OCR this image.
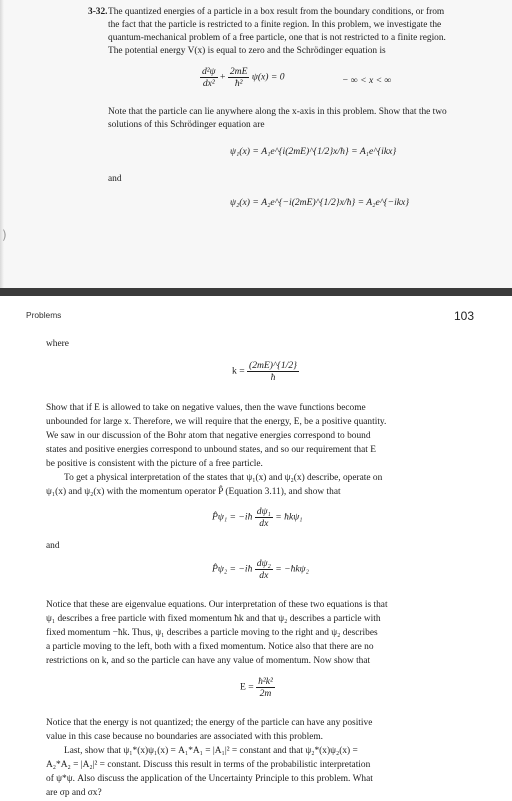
)
3-32. The quantized energies of a particle in a box result from the boundary conditions, or from
the fact that the particle is restricted to a finite region. In this problem, we investigate the
quantum-mechanical problem of a free particle, one that is not restricted to a finite region.
The potential energy V(x) is equal to zero and the Schrödinger equation is
$\frac{\text{d²ψ}}{\text{dx²}} + \frac{2mE}{\text{ħ²}} \psi(x) = 0$	− ∞ < x < ∞
Note that the particle can lie anywhere along the x-axis in this problem. Show that the two
solutions of this Schrödinger equation are
ψ₁(x) = A₁e^{i(2mE)^{1/2}x/ħ} = A₁e^{ikx}
and
ψ₂(x) = A₂e^{−i(2mE)^{1/2}x/ħ} = A₂e^{−ikx}
Problems	103
where
$k = \frac{(2mE)\^{}\{1/2\}}{ħ}$
Show that if E is allowed to take on negative values, then the wave functions become
unbounded for large x. Therefore, we will require that the energy, E, be a positive quantity.
We saw in our discussion of the Bohr atom that negative energies correspond to bound
states and positive energies correspond to unbound states, and so our requirement that E
be positive is consistent with the picture of a free particle.
To get a physical interpretation of the states that ψ₁(x) and ψ₂(x) describe, operate on
ψ₁(x) and ψ₂(x) with the momentum operator P̂ (Equation 3.11), and show that
P̂ψ₁ = −iħ $\frac{\text{dψ₁}}{dx}$ = ħkψ₁
and
P̂ψ₂ = −iħ $\frac{\text{dψ₂}}{dx}$ = −ħkψ₂
Notice that these are eigenvalue equations. Our interpretation of these two equations is that
ψ₁ describes a free particle with fixed momentum ħk and that ψ₂ describes a particle with
fixed momentum −ħk. Thus, ψ₁ describes a particle moving to the right and ψ₂ describes
a particle moving to the left, both with a fixed momentum. Notice also that there are no
restrictions on k, and so the particle can have any value of momentum. Now show that
$E = \frac{\text{ħ²k²}}{2m}$
Notice that the energy is not quantized; the energy of the particle can have any positive
value in this case because no boundaries are associated with this problem.
Last, show that ψ₁*(x)ψ₁(x) = A₁*A₁ = |A₁|² = constant and that ψ₂*(x)ψ₂(x) =
A₂*A₂ = |A₂|² = constant. Discuss this result in terms of the probabilistic interpretation
of ψ*ψ. Also discuss the application of the Uncertainty Principle to this problem. What
are σp and σx?
